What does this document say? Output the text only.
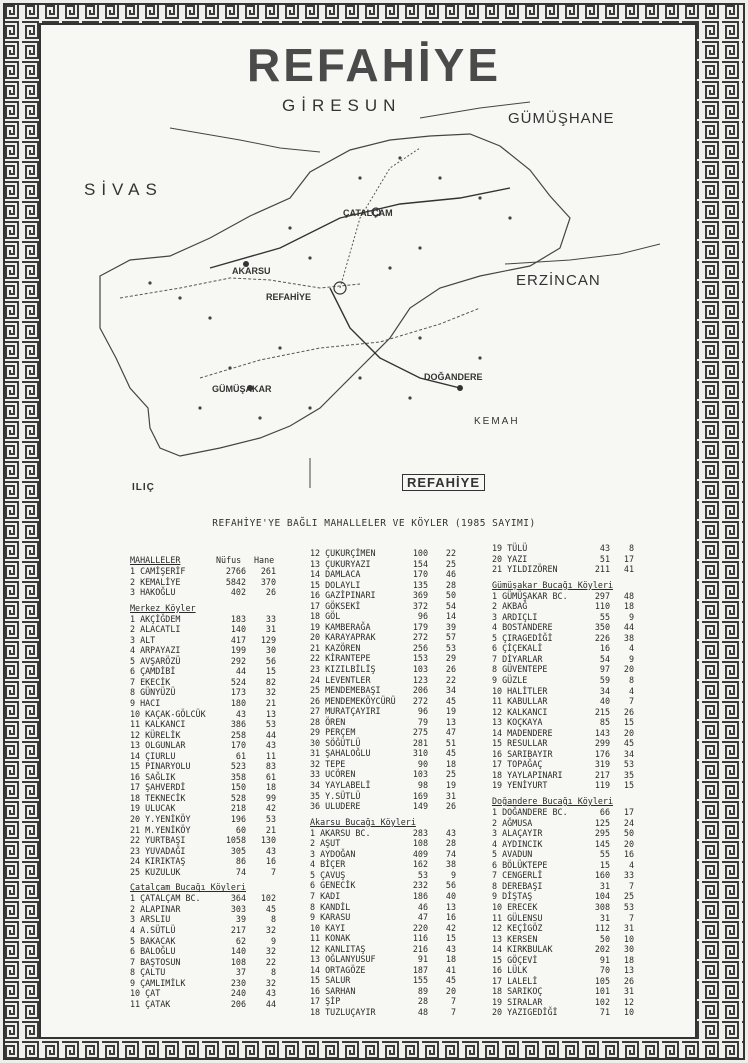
REFAHİYE
GİRESUN
GÜMÜŞHANE
SİVAS
ERZİNCAN
KEMAH
ILIÇ
REFAHİYE
ÇATALÇAM
AKARSU
GÜMÜŞAKAR
DOĞANDERE
REFAHİYE
REFAHİYE'YE BAĞLI MAHALLELER VE KÖYLER (1985 SAYIMI)
MAHALLELER	Nüfus Hane
1 CAMİŞERİF	2766 261
2 KEMALİYE	5842 370
3 HAKOĞLU	402 26
Merkez Köyler
1 AKÇİĞDEM	183 33
2 ALACATLI	140 31
3 ALT	417 129
4 ARPAYAZI	199 30
5 AVŞARÖZÜ	292 56
6 ÇAMDİBİ	44 15
7 EKECİK	524 82
8 GÜNYÜZÜ	173 32
9 HACI	180 21
10 KAÇAK-GÖLCÜK	43 13
11 KALKANCI	386 53
12 KÜRELİK	258 44
13 OLGUNLAR	170 43
14 ÇIURLU	61 11
15 PINARYOLU	523 83
16 SAĞLIK	358 61
17 ŞAHVERDİ	150 18
18 TEKNECİK	528 99
19 ULUCAK	218 42
20 Y.YENİKÖY	196 53
21 M.YENİKÖY	60 21
22 YURTBAŞI	1058 130
23 YUVADAĞI	305 43
24 KIRIKTAŞ	86 16
25 KUZULUK	74	7
Çatalçam Bucağı Köyleri
1 ÇATALÇAM BC.	364 102
2 ALAPINAR	303 45
3 ARSLIU	39	8
4 A.SÜTLÜ	217 32
5 BAKACAK	62	9
6 BALOĞLU	140 32
7 BAŞTOSUN	108 22
8 ÇALTU	37	8
9 ÇAMLIMİLK	230 32
10 ÇAT	240 43
11 ÇATAK	206 44
12 ÇUKURÇİMEN	100 22
13 ÇUKURYAZI	154 25
14 DAMLACA	170 46
15 DOLAYLI	135 28
16 GAZİPINARI	369 50
17 GÖKSEKİ	372 54
18 GÖL	96 14
19 KAMBERAĞA	179 39
20 KARAYAPRAK	272 57
21 KAZÖREN	256 53
22 KİRANTEPE	153 29
23 KIZILBİLİŞ	103 26
24 LEVENTLER	123 22
25 MENDEMEBAŞI	206 34
26 MENDEMEKÖYCÜRÜ 272 45
27 MURATÇAYIRI	96 19
28 ÖREN	79 13
29 PERÇEM	275 47
30 SÖĞÜTLÜ	281 51
31 ŞAHALOĞLU	310 45
32 TEPE	90 18
33 UCÖREN	103 25
34 YAYLABELİ	98 19
35 Y.SÜTLÜ	169 31
36 ULUDERE	149 26
Akarsu Bucağı Köyleri
1 AKARSU BC.	283 43
2 AŞUT	108 28
3 AYDOĞAN	409 74
4 BİÇER	162 38
5 ÇAVUŞ	53	9
6 GENECİK	232 56
7 KADI	186 40
8 KANDİL	46 13
9 KARASU	47 16
10 KAYI	220 42
11 KONAK	116 15
12 KANLITAŞ	216 43
13 OĞLANYUSUF	91 18
14 ORTAGÖZE	187 41
15 SALUR	155 45
16 SARHAN	89 20
17 ŞİP	28	7
18 TUZLUÇAYIR	48	7
19 TÜLÜ	43 8
20 YAZI	51 17
21 YILDIZÖREN	211 41
Gümüşakar Bucağı Köyleri
1 GÜMÜŞAKAR BC.	297 48
2 AKBAĞ	110 18
3 ARDIÇLI	55 9
4 BOSTANDERE	350 44
5 ÇIRAGEDİĞİ	226 38
6 ÇİÇEKALİ	16 4
7 DİYARLAR	54 9
8 GÜVENTEPE	97 20
9 GÜZLE	59 8
10 HALİTLER	34 4
11 KABULLAR	40 7
12 KALKANCI	215 26
13 KOÇKAYA	85 15
14 MADENDERE	143 20
15 RESULLAR	299 45
16 SARIBAYIR	176 34
17 TOPAĞAÇ	319 53
18 YAYLAPINARI	217 35
19 YENİYURT	119 15
Doğandere Bucağı Köyleri
1 DOĞANDERE BC.	66 17
2 AĞMUSA	125 24
3 ALAÇAYIR	295 50
4 AYDINCIK	145 20
5 AVADUN	55 16
6 BÖLÜKTEPE	15 4
7 CENGERLİ	160 33
8 DEREBAŞI	31 7
9 DİŞTAŞ	104 25
10 ERECEK	308 53
11 GÜLENSU	31 7
12 KEÇİGÖZ	112 31
13 KERSEN	50 10
14 KIRKBULAK	202 30
15 GÖÇEVİ	91 18
16 LÜLK	70 13
17 LALELİ	105 26
18 SARIKOÇ	101 31
19 SIRALAR	102 12
20 YAZIGEDİĞİ	71 10
